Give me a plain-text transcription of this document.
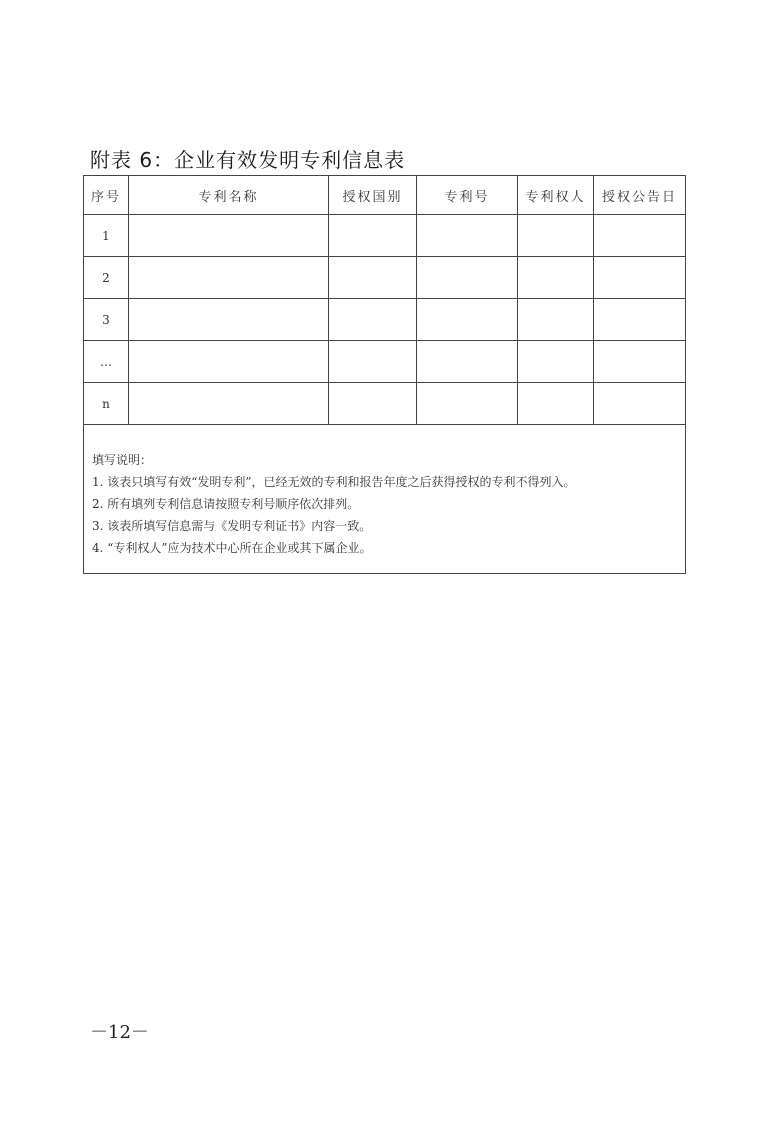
附表 6：企业有效发明专利信息表
序号	专利名称	授权国别	专利号	专利权人	授权公告日
1					
2					
3					
…					
n					

填写说明：
1. 该表只填写有效“发明专利”，已经无效的专利和报告年度之后获得授权的专利不得列入。
2. 所有填列专利信息请按照专利号顺序依次排列。
3. 该表所填写信息需与《发明专利证书》内容一致。
4. “专利权人”应为技术中心所在企业或其下属企业。					
－12－
